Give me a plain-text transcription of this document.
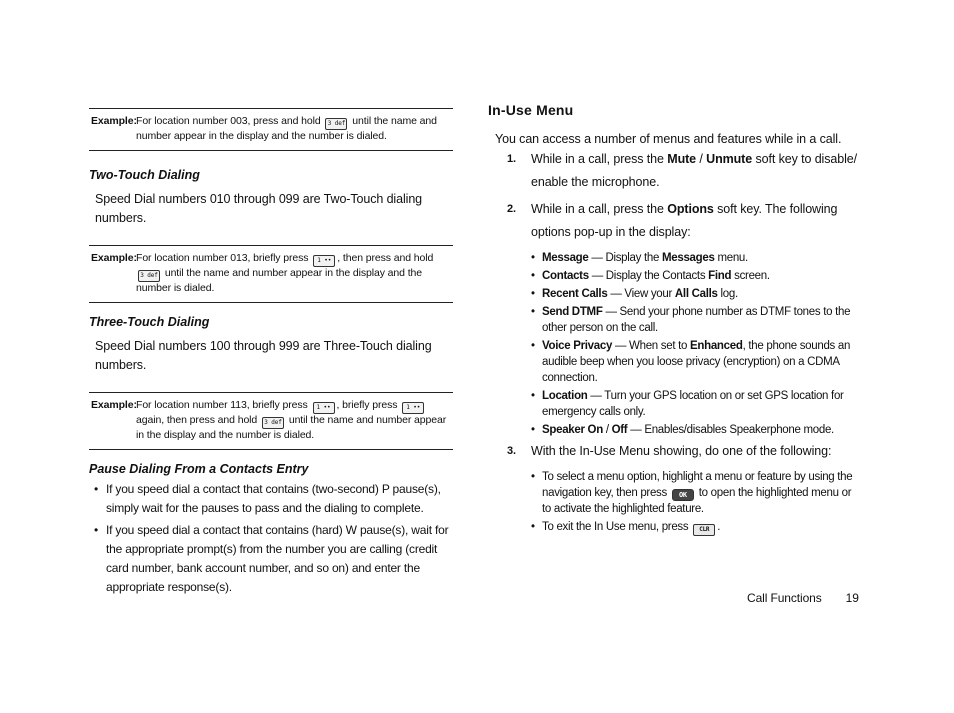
Example: For location number 003, press and hold 3 def until the name and number appear in the display and the number is dialed.
Two-Touch Dialing

Speed Dial numbers 010 through 099 are Two-Touch dialing numbers.

Example: For location number 013, briefly press 1 •• , then press and hold 3 def until the name and number appear in the display and the number is dialed.
Three-Touch Dialing

Speed Dial numbers 100 through 999 are Three-Touch dialing numbers.

Example: For location number 113, briefly press 1 •• , briefly press 1 •• again, then press and hold 3 def until the name and number appear in the display and the number is dialed.
Pause Dialing From a Contacts Entry
• If you speed dial a contact that contains (two-second) P pause(s), simply wait for the pauses to pass and the dialing to complete.
• If you speed dial a contact that contains (hard) W pause(s), wait for the appropriate prompt(s) from the number you are calling (credit card number, bank account number, and so on) and enter the appropriate response(s).
In-Use Menu

You can access a number of menus and features while in a call.

1. While in a call, press the Mute / Unmute soft key to disable/ enable the microphone.
2. While in a call, press the Options soft key. The following options pop-up in the display:
• Message — Display the Messages menu.
• Contacts — Display the Contacts Find screen.
• Recent Calls — View your All Calls log.
• Send DTMF — Send your phone number as DTMF tones to the other person on the call.
• Voice Privacy — When set to Enhanced, the phone sounds an audible beep when you loose privacy (encryption) on a CDMA connection.
• Location — Turn your GPS location on or set GPS location for emergency calls only.
• Speaker On / Off — Enables/disables Speakerphone mode.
3. With the In-Use Menu showing, do one of the following:
• To select a menu option, highlight a menu or feature by using the navigation key, then press OK to open the highlighted menu or to activate the highlighted feature.
• To exit the In Use menu, press CLR .
Call Functions 19
